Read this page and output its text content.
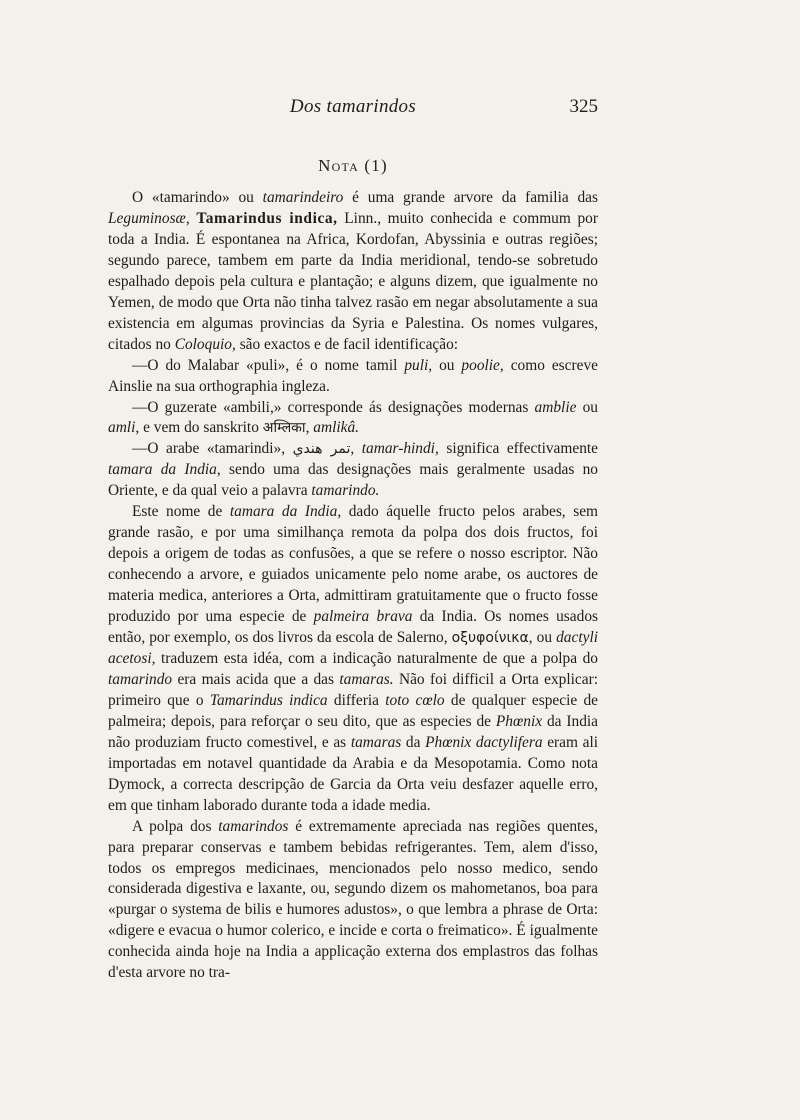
Dos tamarindos	325
Nota (1)

O «tamarindo» ou tamarindeiro é uma grande arvore da familia das Leguminosæ, Tamarindus indica, Linn., muito conhecida e commum por toda a India. É espontanea na Africa, Kordofan, Abyssinia e outras regiões; segundo parece, tambem em parte da India meridional, tendo-se sobretudo espalhado depois pela cultura e plantação; e alguns dizem, que igualmente no Yemen, de modo que Orta não tinha talvez rasão em negar absolutamente a sua existencia em algumas provincias da Syria e Palestina. Os nomes vulgares, citados no Coloquio, são exactos e de facil identificação:

—O do Malabar «puli», é o nome tamil puli, ou poolie, como escreve Ainslie na sua orthographia ingleza.

—O guzerate «ambili,» corresponde ás designações modernas amblie ou amli, e vem do sanskrito अम्लिका, amlikâ.

—O arabe «tamarindi», تمر هندي, tamar-hindi, significa effectivamente tamara da India, sendo uma das designações mais geralmente usadas no Oriente, e da qual veio a palavra tamarindo.

Este nome de tamara da India, dado áquelle fructo pelos arabes, sem grande rasão, e por uma similhança remota da polpa dos dois fructos, foi depois a origem de todas as confusões, a que se refere o nosso escriptor. Não conhecendo a arvore, e guiados unicamente pelo nome arabe, os auctores de materia medica, anteriores a Orta, admittiram gratuitamente que o fructo fosse produzido por uma especie de palmeira brava da India. Os nomes usados então, por exemplo, os dos livros da escola de Salerno, οξυφοίνικα, ou dactyli acetosi, traduzem esta idéa, com a indicação naturalmente de que a polpa do tamarindo era mais acida que a das tamaras. Não foi difficil a Orta explicar: primeiro que o Tamarindus indica differia toto cœlo de qualquer especie de palmeira; depois, para reforçar o seu dito, que as especies de Phœnix da India não produziam fructo comestivel, e as tamaras da Phœnix dactylifera eram ali importadas em notavel quantidade da Arabia e da Mesopotamia. Como nota Dymock, a correcta descripção de Garcia da Orta veiu desfazer aquelle erro, em que tinham laborado durante toda a idade media.

A polpa dos tamarindos é extremamente apreciada nas regiões quentes, para preparar conservas e tambem bebidas refrigerantes. Tem, alem d'isso, todos os empregos medicinaes, mencionados pelo nosso medico, sendo considerada digestiva e laxante, ou, segundo dizem os mahometanos, boa para «purgar o systema de bilis e humores adustos», o que lembra a phrase de Orta: «digere e evacua o humor colerico, e incide e corta o freimatico». É igualmente conhecida ainda hoje na India a applicação externa dos emplastros das folhas d'esta arvore no tra-
